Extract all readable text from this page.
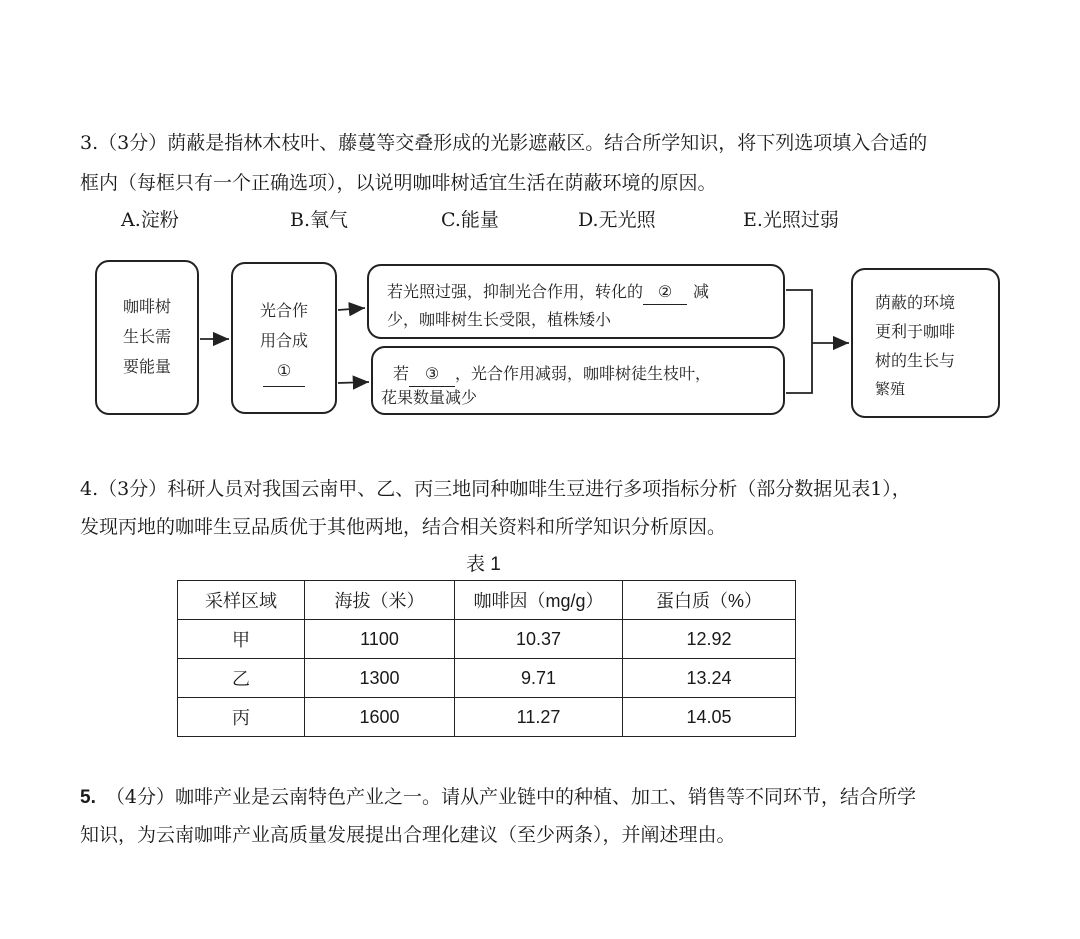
3.（3分）荫蔽是指林木枝叶、藤蔓等交叠形成的光影遮蔽区。结合所学知识，将下列选项填入合适的
框内（每框只有一个正确选项），以说明咖啡树适宜生活在荫蔽环境的原因。
A.淀粉	B.氧气	C.能量	D.无光照	E.光照过弱
咖啡树
生长需
要能量
光合作
用合成
①
若光照过强，抑制光合作用，转化的 ② 减
少，咖啡树生长受限，植株矮小
若 ③ ，光合作用减弱，咖啡树徒生枝叶，
花果数量减少
荫蔽的环境
更利于咖啡
树的生长与
繁殖
4.（3分）科研人员对我国云南甲、乙、丙三地同种咖啡生豆进行多项指标分析（部分数据见表1），
发现丙地的咖啡生豆品质优于其他两地，结合相关资料和所学知识分析原因。
表 1
采样区域	海拔（米）	咖啡因（mg/g）	蛋白质（%）
甲	1100	10.37	12.92
乙	1300	9.71	13.24
丙	1600	11.27	14.05
5. （4分）咖啡产业是云南特色产业之一。请从产业链中的种植、加工、销售等不同环节，结合所学
知识，为云南咖啡产业高质量发展提出合理化建议（至少两条），并阐述理由。
